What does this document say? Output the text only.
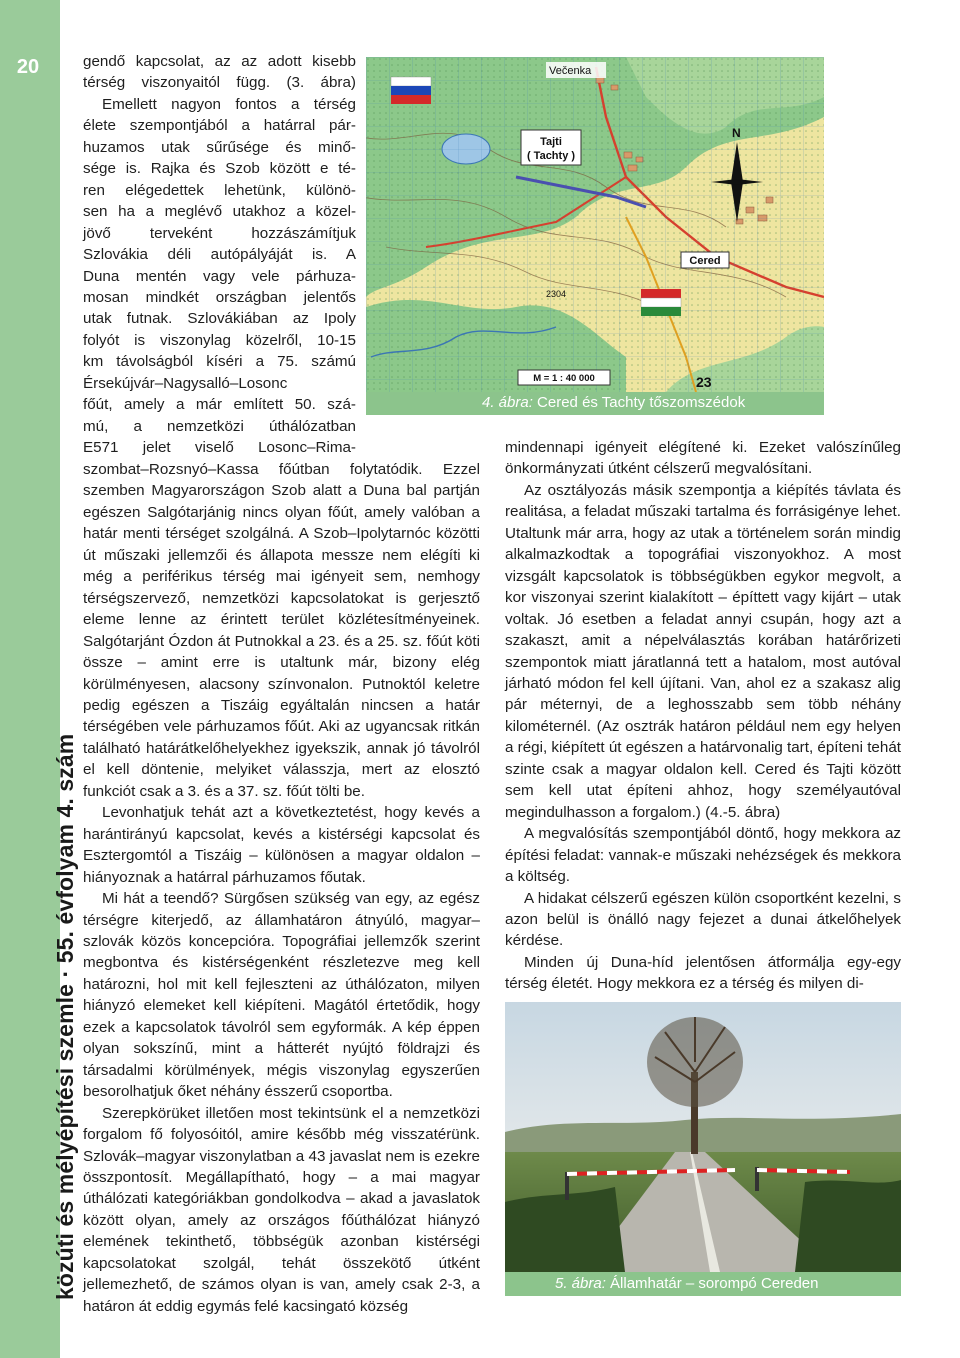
20
közúti és mélyépítési szemle · 55. évfolyam 4. szám
N
Tajti
( Tachty )
Cered
Večenka
M = 1 : 40 000
2304
23
4. ábra: Cered és Tachty tőszomszédok

gendő kapcsolat, az az adott kisebb

térség viszonyaitól függ. (3. ábra)

Emellett nagyon fontos a térség

élete szempontjából a határral pár-

huzamos utak sűrűsége és minő-

sége is. Rajka és Szob között e té-

ren elégedettek lehetünk, különö-

sen ha a meglévő utakhoz a közel-

jövő terveként hozzászámítjuk

Szlovákia déli autópályáját is. A

Duna mentén vagy vele párhuza-

mosan mindkét országban jelentős

utak futnak. Szlovákiában az Ipoly

folyót is viszonylag közelről, 10-15

km távolságból kíséri a 75. számú

Érsekújvár–Nagysalló–Losonc

főút, amely a már említett 50. szá-

mú, a nemzetközi úthálózatban

E571 jelet viselő Losonc–Rima-

szombat–Rozsnyó–Kassa főútban folytatódik. Ezzel szemben Magyarországon Szob alatt a Duna bal partján egészen Salgótarjánig nincs olyan főút, amely valóban a határ menti térséget szolgálná. A Szob–Ipolytarnóc közötti út műszaki jellemzői és állapota messze nem elégíti ki még a periférikus térség mai igényeit sem, nemhogy térségszervező, nemzetközi kapcsolatokat is gerjesztő eleme lenne az érintett terület közlétesítményeinek. Salgótarjánt Ózdon át Putnokkal a 23. és a 25. sz. főút köti össze – amint erre is utaltunk már, bizony elég körülményesen, alacsony színvonalon. Putnoktól keletre pedig egészen a Tiszáig egyáltalán nincsen a határ térségében vele párhuzamos főút. Aki az ugyancsak ritkán található határátkelőhelyekhez igyekszik, annak jó távolról el kell döntenie, melyiket válasszja, mert az elosztó funkciót csak a 3. és a 37. sz. főút tölti be.

Levonhatjuk tehát azt a következtetést, hogy kevés a harántirányú kapcsolat, kevés a kistérségi kapcsolat és Esztergomtól a Tiszáig – különösen a magyar oldalon – hiányoznak a határral párhuzamos főutak.

Mi hát a teendő? Sürgősen szükség van egy, az egész térségre kiterjedő, az államhatáron átnyúló, magyar–szlovák közös koncepcióra. Topográfiai jellemzők szerint megbontva és kistérségenként részletezve meg kell határozni, hol mit kell fejleszteni az úthálózaton, milyen hiányzó elemeket kell kiépíteni. Magától értetődik, hogy ezek a kapcsolatok távolról sem egyformák. A kép éppen olyan sokszínű, mint a hátterét nyújtó földrajzi és társadalmi körülmények, mégis viszonylag egyszerűen besorolhatjuk őket néhány ésszerű csoportba.

Szerepkörüket illetően most tekintsünk el a nemzetközi forgalom fő folyosóitól, amire később még visszatérünk. Szlovák–magyar viszonylatban a 43 javaslat nem is ezekre összpontosít. Megállapítható, hogy – a mai magyar úthálózati kategóriákban gondolkodva – akad a javaslatok között olyan, amely az országos főúthálózat hiányzó elemének tekinthető, többségük azonban kistérségi kapcsolatokat szolgál, tehát összekötő útként jellemezhető, de számos olyan is van, amely csak 2-3, a határon át eddig egymás felé kacsingató község

mindennapi igényeit elégítené ki. Ezeket valószínűleg önkormányzati útként célszerű megvalósítani.

Az osztályozás másik szempontja a kiépítés távlata és realitása, a feladat műszaki tartalma és forrásigénye lehet. Utaltunk már arra, hogy az utak a történelem során mindig alkalmazkodtak a topográfiai viszonyokhoz. A most vizsgált kapcsolatok is többségükben egykor megvolt, a kor viszonyai szerint kialakított – építtett vagy kijárt – utak voltak. Jó esetben a feladat annyi csupán, hogy azt a szakaszt, amit a népelválasztás korában határőrizeti szempontok miatt járatlanná tett a hatalom, most autóval járható módon fel kell újítani. Van, ahol ez a szakasz alig pár méternyi, de a leghosszabb sem több néhány kilométernél. (Az osztrák határon például nem egy helyen a régi, kiépített út egészen a határvonalig tart, építeni tehát szinte csak a magyar oldalon kell. Cered és Tajti között sem kell utat építeni ahhoz, hogy személyautóval megindulhasson a forgalom.) (4.-5. ábra)

A megvalósítás szempontjából döntő, hogy mekkora az építési feladat: vannak-e műszaki nehézségek és mekkora a költség.

A hidakat célszerű egészen külön csoportként kezelni, s azon belül is önálló nagy fejezet a dunai átkelőhelyek kérdése.

Minden új Duna-híd jelentősen átformálja egy-egy térség életét. Hogy mekkora ez a térség és milyen di-

5. ábra: Államhatár – sorompó Cereden
